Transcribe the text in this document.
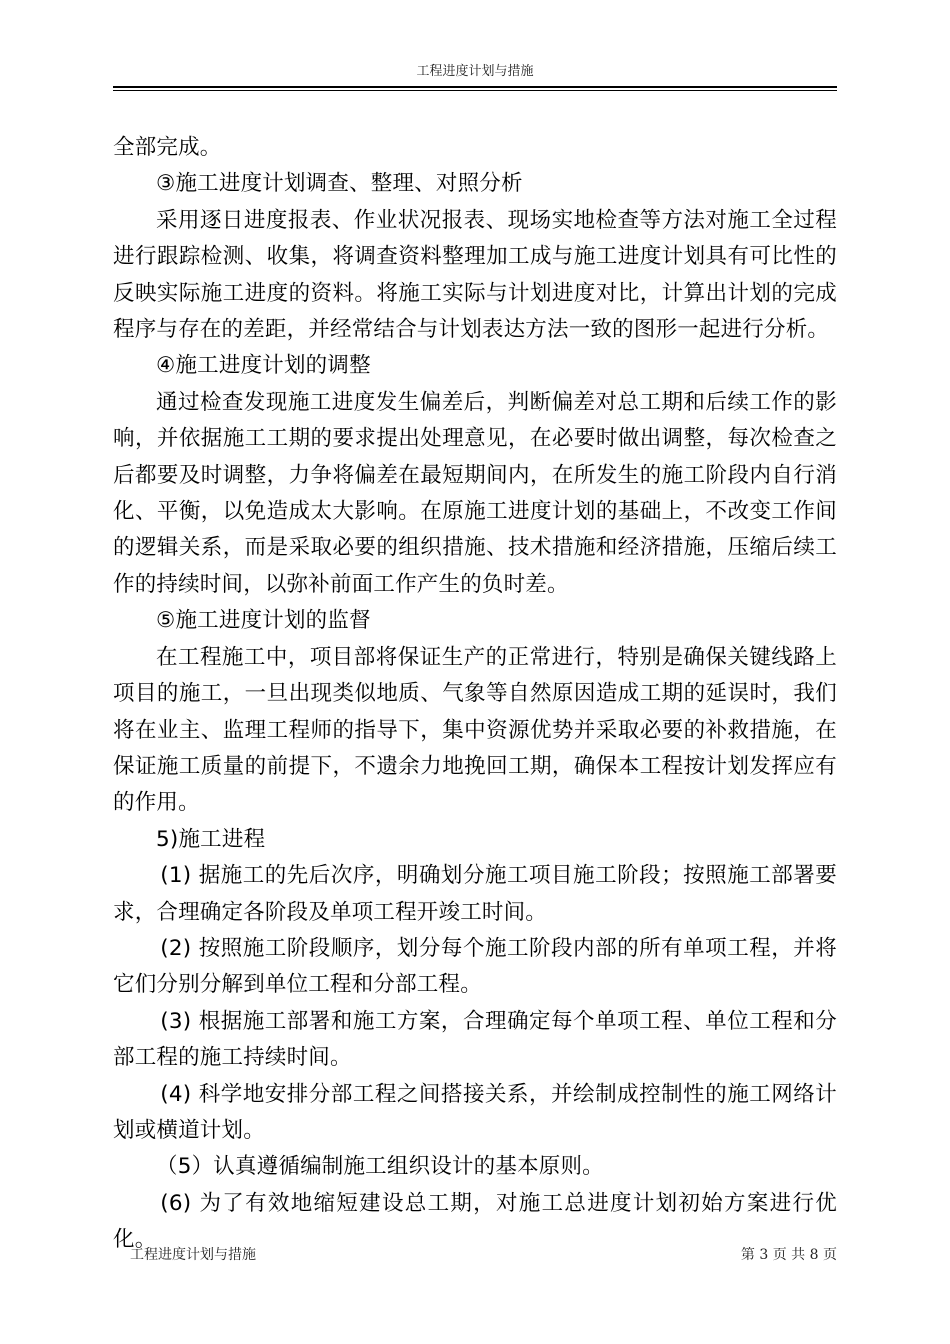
工程进度计划与措施

全部完成。

③施工进度计划调查、整理、对照分析

采用逐日进度报表、作业状况报表、现场实地检查等方法对施工全过程进行跟踪检测、收集，将调查资料整理加工成与施工进度计划具有可比性的反映实际施工进度的资料。将施工实际与计划进度对比，计算出计划的完成程序与存在的差距，并经常结合与计划表达方法一致的图形一起进行分析。

④施工进度计划的调整

通过检查发现施工进度发生偏差后，判断偏差对总工期和后续工作的影响，并依据施工工期的要求提出处理意见，在必要时做出调整，每次检查之后都要及时调整，力争将偏差在最短期间内，在所发生的施工阶段内自行消化、平衡，以免造成太大影响。在原施工进度计划的基础上，不改变工作间的逻辑关系，而是采取必要的组织措施、技术措施和经济措施，压缩后续工作的持续时间，以弥补前面工作产生的负时差。

⑤施工进度计划的监督

在工程施工中，项目部将保证生产的正常进行，特别是确保关键线路上项目的施工，一旦出现类似地质、气象等自然原因造成工期的延误时，我们将在业主、监理工程师的指导下，集中资源优势并采取必要的补救措施，在保证施工质量的前提下，不遗余力地挽回工期，确保本工程按计划发挥应有的作用。

5)施工进程

(1) 据施工的先后次序，明确划分施工项目施工阶段；按照施工部署要求，合理确定各阶段及单项工程开竣工时间。

(2) 按照施工阶段顺序，划分每个施工阶段内部的所有单项工程，并将它们分别分解到单位工程和分部工程。

(3) 根据施工部署和施工方案，合理确定每个单项工程、单位工程和分部工程的施工持续时间。

(4) 科学地安排分部工程之间搭接关系，并绘制成控制性的施工网络计划或横道计划。

（5）认真遵循编制施工组织设计的基本原则。

(6) 为了有效地缩短建设总工期，对施工总进度计划初始方案进行优化。

工程进度计划与措施	第 3 页 共 8 页
